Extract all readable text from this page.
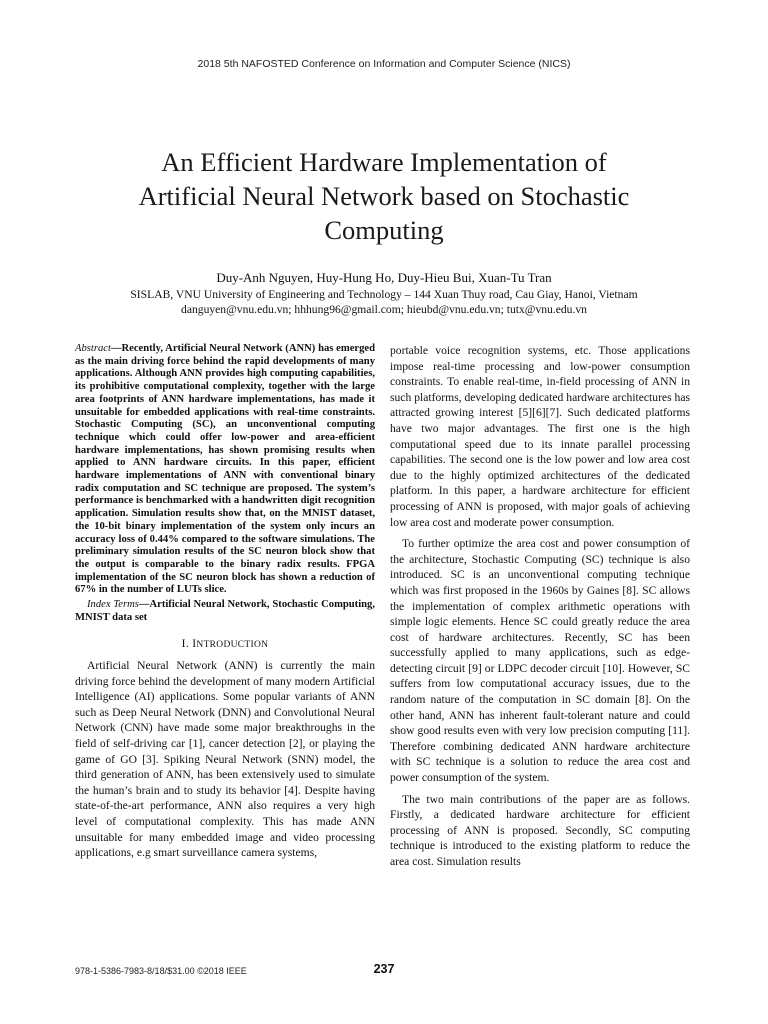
2018 5th NAFOSTED Conference on Information and Computer Science (NICS)
An Efficient Hardware Implementation of
Artificial Neural Network based on Stochastic
Computing
Duy-Anh Nguyen, Huy-Hung Ho, Duy-Hieu Bui, Xuan-Tu Tran
SISLAB, VNU University of Engineering and Technology – 144 Xuan Thuy road, Cau Giay, Hanoi, Vietnam
danguyen@vnu.edu.vn; hhhung96@gmail.com; hieubd@vnu.edu.vn; tutx@vnu.edu.vn

Abstract—Recently, Artificial Neural Network (ANN) has emerged as the main driving force behind the rapid developments of many applications. Although ANN provides high computing capabilities, its prohibitive computational complexity, together with the large area footprints of ANN hardware implementations, has made it unsuitable for embedded applications with real-time constraints. Stochastic Computing (SC), an unconventional computing technique which could offer low-power and area-efficient hardware implementations, has shown promising results when applied to ANN hardware circuits. In this paper, efficient hardware implementations of ANN with conventional binary radix computation and SC technique are proposed. The system’s performance is benchmarked with a handwritten digit recognition application. Simulation results show that, on the MNIST dataset, the 10-bit binary implementation of the system only incurs an accuracy loss of 0.44% compared to the software simulations. The preliminary simulation results of the SC neuron block show that the output is comparable to the binary radix results. FPGA implementation of the SC neuron block has shown a reduction of 67% in the number of LUTs slice.

Index Terms—Artificial Neural Network, Stochastic Computing, MNIST data set

I. INTRODUCTION

Artificial Neural Network (ANN) is currently the main driving force behind the development of many modern Artificial Intelligence (AI) applications. Some popular variants of ANN such as Deep Neural Network (DNN) and Convolutional Neural Network (CNN) have made some major breakthroughs in the field of self-driving car [1], cancer detection [2], or playing the game of GO [3]. Spiking Neural Network (SNN) model, the third generation of ANN, has been extensively used to simulate the human’s brain and to study its behavior [4]. Despite having state-of-the-art performance, ANN also requires a very high level of computational complexity. This has made ANN unsuitable for many embedded image and video processing applications, e.g smart surveillance camera systems,

portable voice recognition systems, etc. Those applications impose real-time processing and low-power consumption constraints. To enable real-time, in-field processing of ANN in such platforms, developing dedicated hardware architectures has attracted growing interest [5][6][7]. Such dedicated platforms have two major advantages. The first one is the high computational speed due to its innate parallel processing capabilities. The second one is the low power and low area cost due to the highly optimized architectures of the dedicated platform. In this paper, a hardware architecture for efficient processing of ANN is proposed, with major goals of achieving low area cost and moderate power consumption.

To further optimize the area cost and power consumption of the architecture, Stochastic Computing (SC) technique is also introduced. SC is an unconventional computing technique which was first proposed in the 1960s by Gaines [8]. SC allows the implementation of complex arithmetic operations with simple logic elements. Hence SC could greatly reduce the area cost of hardware architectures. Recently, SC has been successfully applied to many applications, such as edge-detecting circuit [9] or LDPC decoder circuit [10]. However, SC suffers from low computational accuracy issues, due to the random nature of the computation in SC domain [8]. On the other hand, ANN has inherent fault-tolerant nature and could show good results even with very low precision computing [11]. Therefore combining dedicated ANN hardware architecture with SC technique is a solution to reduce the area cost and power consumption of the system.

The two main contributions of the paper are as follows. Firstly, a dedicated hardware architecture for efficient processing of ANN is proposed. Secondly, SC computing technique is introduced to the existing platform to reduce the area cost. Simulation results

978-1-5386-7983-8/18/$31.00 ©2018 IEEE	237
